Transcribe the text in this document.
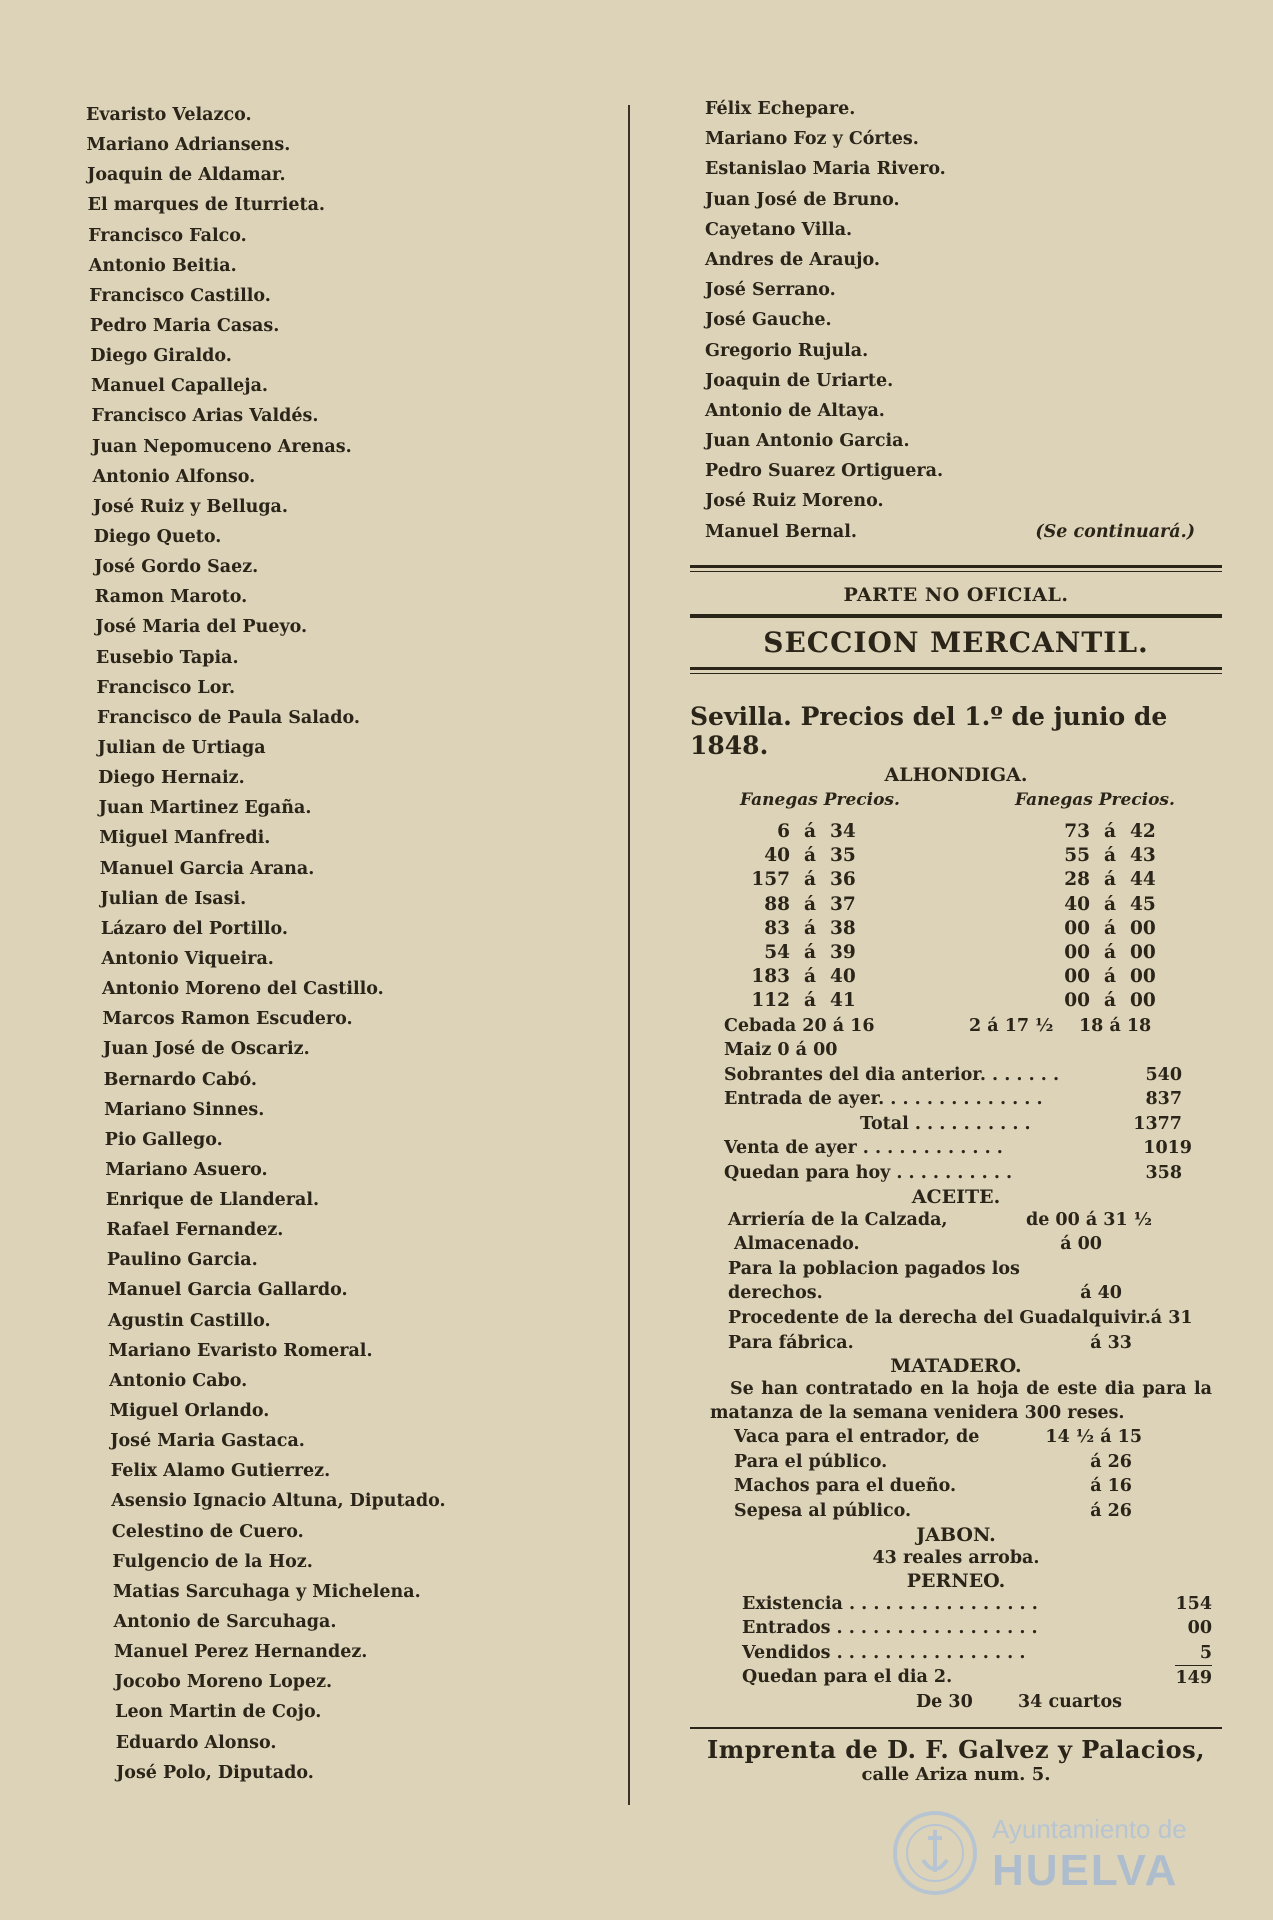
Evaristo Velazco.
Mariano Adriansens.
Joaquin de Aldamar.
El marques de Iturrieta.
Francisco Falco.
Antonio Beitia.
Francisco Castillo.
Pedro Maria Casas.
Diego Giraldo.
Manuel Capalleja.
Francisco Arias Valdés.
Juan Nepomuceno Arenas.
Antonio Alfonso.
José Ruiz y Belluga.
Diego Queto.
José Gordo Saez.
Ramon Maroto.
José Maria del Pueyo.
Eusebio Tapia.
Francisco Lor.
Francisco de Paula Salado.
Julian de Urtiaga
Diego Hernaiz.
Juan Martinez Egaña.
Miguel Manfredi.
Manuel Garcia Arana.
Julian de Isasi.
Lázaro del Portillo.
Antonio Viqueira.
Antonio Moreno del Castillo.
Marcos Ramon Escudero.
Juan José de Oscariz.
Bernardo Cabó.
Mariano Sinnes.
Pio Gallego.
Mariano Asuero.
Enrique de Llanderal.
Rafael Fernandez.
Paulino Garcia.
Manuel Garcia Gallardo.
Agustin Castillo.
Mariano Evaristo Romeral.
Antonio Cabo.
Miguel Orlando.
José Maria Gastaca.
Felix Alamo Gutierrez.
Asensio Ignacio Altuna, Diputado.
Celestino de Cuero.
Fulgencio de la Hoz.
Matias Sarcuhaga y Michelena.
Antonio de Sarcuhaga.
Manuel Perez Hernandez.
Jocobo Moreno Lopez.
Leon Martin de Cojo.
Eduardo Alonso.
José Polo, Diputado.
Félix Echepare.
Mariano Foz y Córtes.
Estanislao Maria Rivero.
Juan José de Bruno.
Cayetano Villa.
Andres de Araujo.
José Serrano.
José Gauche.
Gregorio Rujula.
Joaquin de Uriarte.
Antonio de Altaya.
Juan Antonio Garcia.
Pedro Suarez Ortiguera.
José Ruiz Moreno.
Manuel Bernal.	(Se continuará.)
PARTE NO OFICIAL.
SECCION MERCANTIL.
Sevilla. Precios del 1.º de junio de 1848.
ALHONDIGA.
Fanegas Precios.	Fanegas Precios.
6 á 34	73 á 42
40 á 35	55 á 43
157 á 36	28 á 44
88 á 37	40 á 45
83 á 38	00 á 00
54 á 39	00 á 00
183 á 40	00 á 00
112 á 41	00 á 00
Cebada 20 á 16	2 á 17 ½	18 á 18
Maiz 0 á 00
Sobrantes del dia anterior. . . . . . .	540
Entrada de ayer. . . . . . . . . . . . . .	837
Total . . . . . . . . . .	1377
Venta de ayer . . . . . . . . . . . .	1019
Quedan para hoy . . . . . . . . . .	358
ACEITE.
Arriería de la Calzada,	de 00 á 31 ½
Almacenado.	á 00
Para la poblacion pagados los
derechos.	á 40
Procedente de la derecha del Guadalquivir. á 31
Para fábrica.	á 33
MATADERO.
Se han contratado en la hoja de este dia para la matanza de la semana venidera 300 reses.
Vaca para el entrador, de	14 ½ á 15
Para el público.	á 26
Machos para el dueño.	á 16
Sepesa al público.	á 26
JABON.
43 reales arroba.
PERNEO.
Existencia . . . . . . . . . . . . . . . .	154
Entrados . . . . . . . . . . . . . . . . .	00
Vendidos . . . . . . . . . . . . . . . .	5
Quedan para el dia 2.	149
De 30	34 cuartos
Imprenta de D. F. Galvez y Palacios,
calle Ariza num. 5.
Ayuntamiento de
HUELVA
